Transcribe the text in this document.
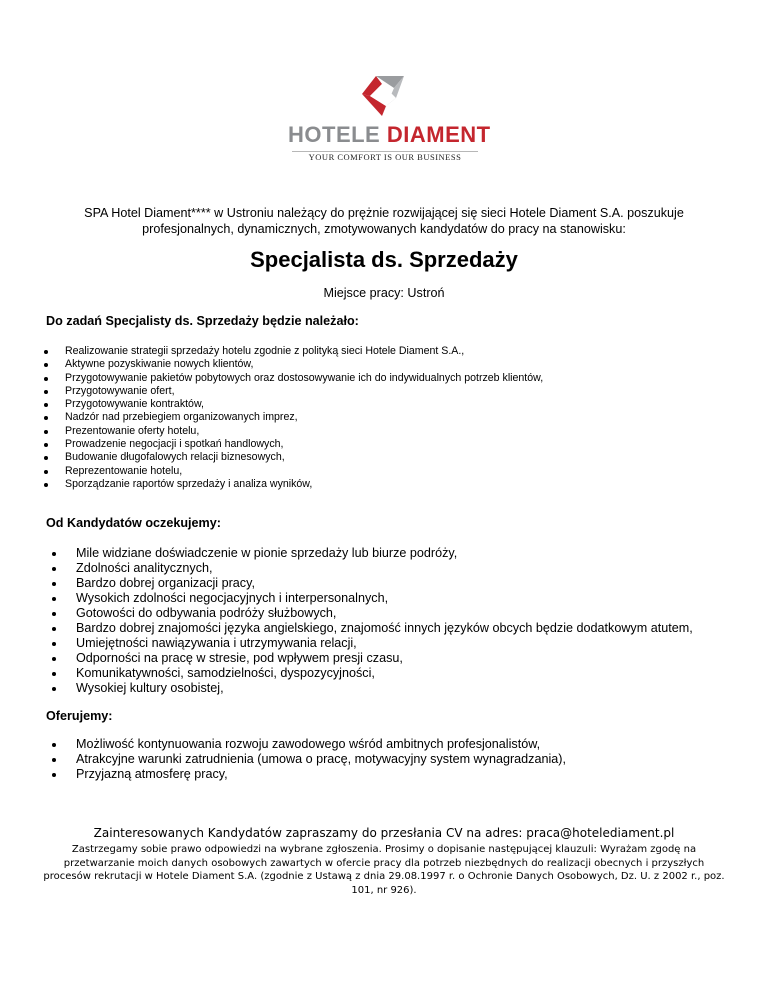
HOTELE DIAMENT
YOUR COMFORT IS OUR BUSINESS
SPA Hotel Diament**** w Ustroniu należący do prężnie rozwijającej się sieci Hotele Diament S.A. poszukuje profesjonalnych, dynamicznych, zmotywowanych kandydatów do pracy na stanowisku:
Specjalista ds. Sprzedaży
Miejsce pracy: Ustroń
Do zadań Specjalisty ds. Sprzedaży będzie należało:
Realizowanie strategii sprzedaży hotelu zgodnie z polityką sieci Hotele Diament S.A.,
Aktywne pozyskiwanie nowych klientów,
Przygotowywanie pakietów pobytowych oraz dostosowywanie ich do indywidualnych potrzeb klientów,
Przygotowywanie ofert,
Przygotowywanie kontraktów,
Nadzór nad przebiegiem organizowanych imprez,
Prezentowanie oferty hotelu,
Prowadzenie negocjacji i spotkań handlowych,
Budowanie długofalowych relacji biznesowych,
Reprezentowanie hotelu,
Sporządzanie raportów sprzedaży i analiza wyników,
Od Kandydatów oczekujemy:
Mile widziane doświadczenie w pionie sprzedaży lub biurze podróży,
Zdolności analitycznych,
Bardzo dobrej organizacji pracy,
Wysokich zdolności negocjacyjnych i interpersonalnych,
Gotowości do odbywania podróży służbowych,
Bardzo dobrej znajomości języka angielskiego, znajomość innych języków obcych będzie dodatkowym atutem,
Umiejętności nawiązywania i utrzymywania relacji,
Odporności na pracę w stresie, pod wpływem presji czasu,
Komunikatywności, samodzielności, dyspozycyjności,
Wysokiej kultury osobistej,
Oferujemy:
Możliwość kontynuowania rozwoju zawodowego wśród ambitnych profesjonalistów,
Atrakcyjne warunki zatrudnienia (umowa o pracę, motywacyjny system wynagradzania),
Przyjazną atmosferę pracy,
Zainteresowanych Kandydatów zapraszamy do przesłania CV na adres: praca@hotelediament.pl
Zastrzegamy sobie prawo odpowiedzi na wybrane zgłoszenia. Prosimy o dopisanie następującej klauzuli: Wyrażam zgodę na przetwarzanie moich danych osobowych zawartych w ofercie pracy dla potrzeb niezbędnych do realizacji obecnych i przyszłych procesów rekrutacji w Hotele Diament S.A. (zgodnie z Ustawą z dnia 29.08.1997 r. o Ochronie Danych Osobowych, Dz. U. z 2002 r., poz. 101, nr 926).
